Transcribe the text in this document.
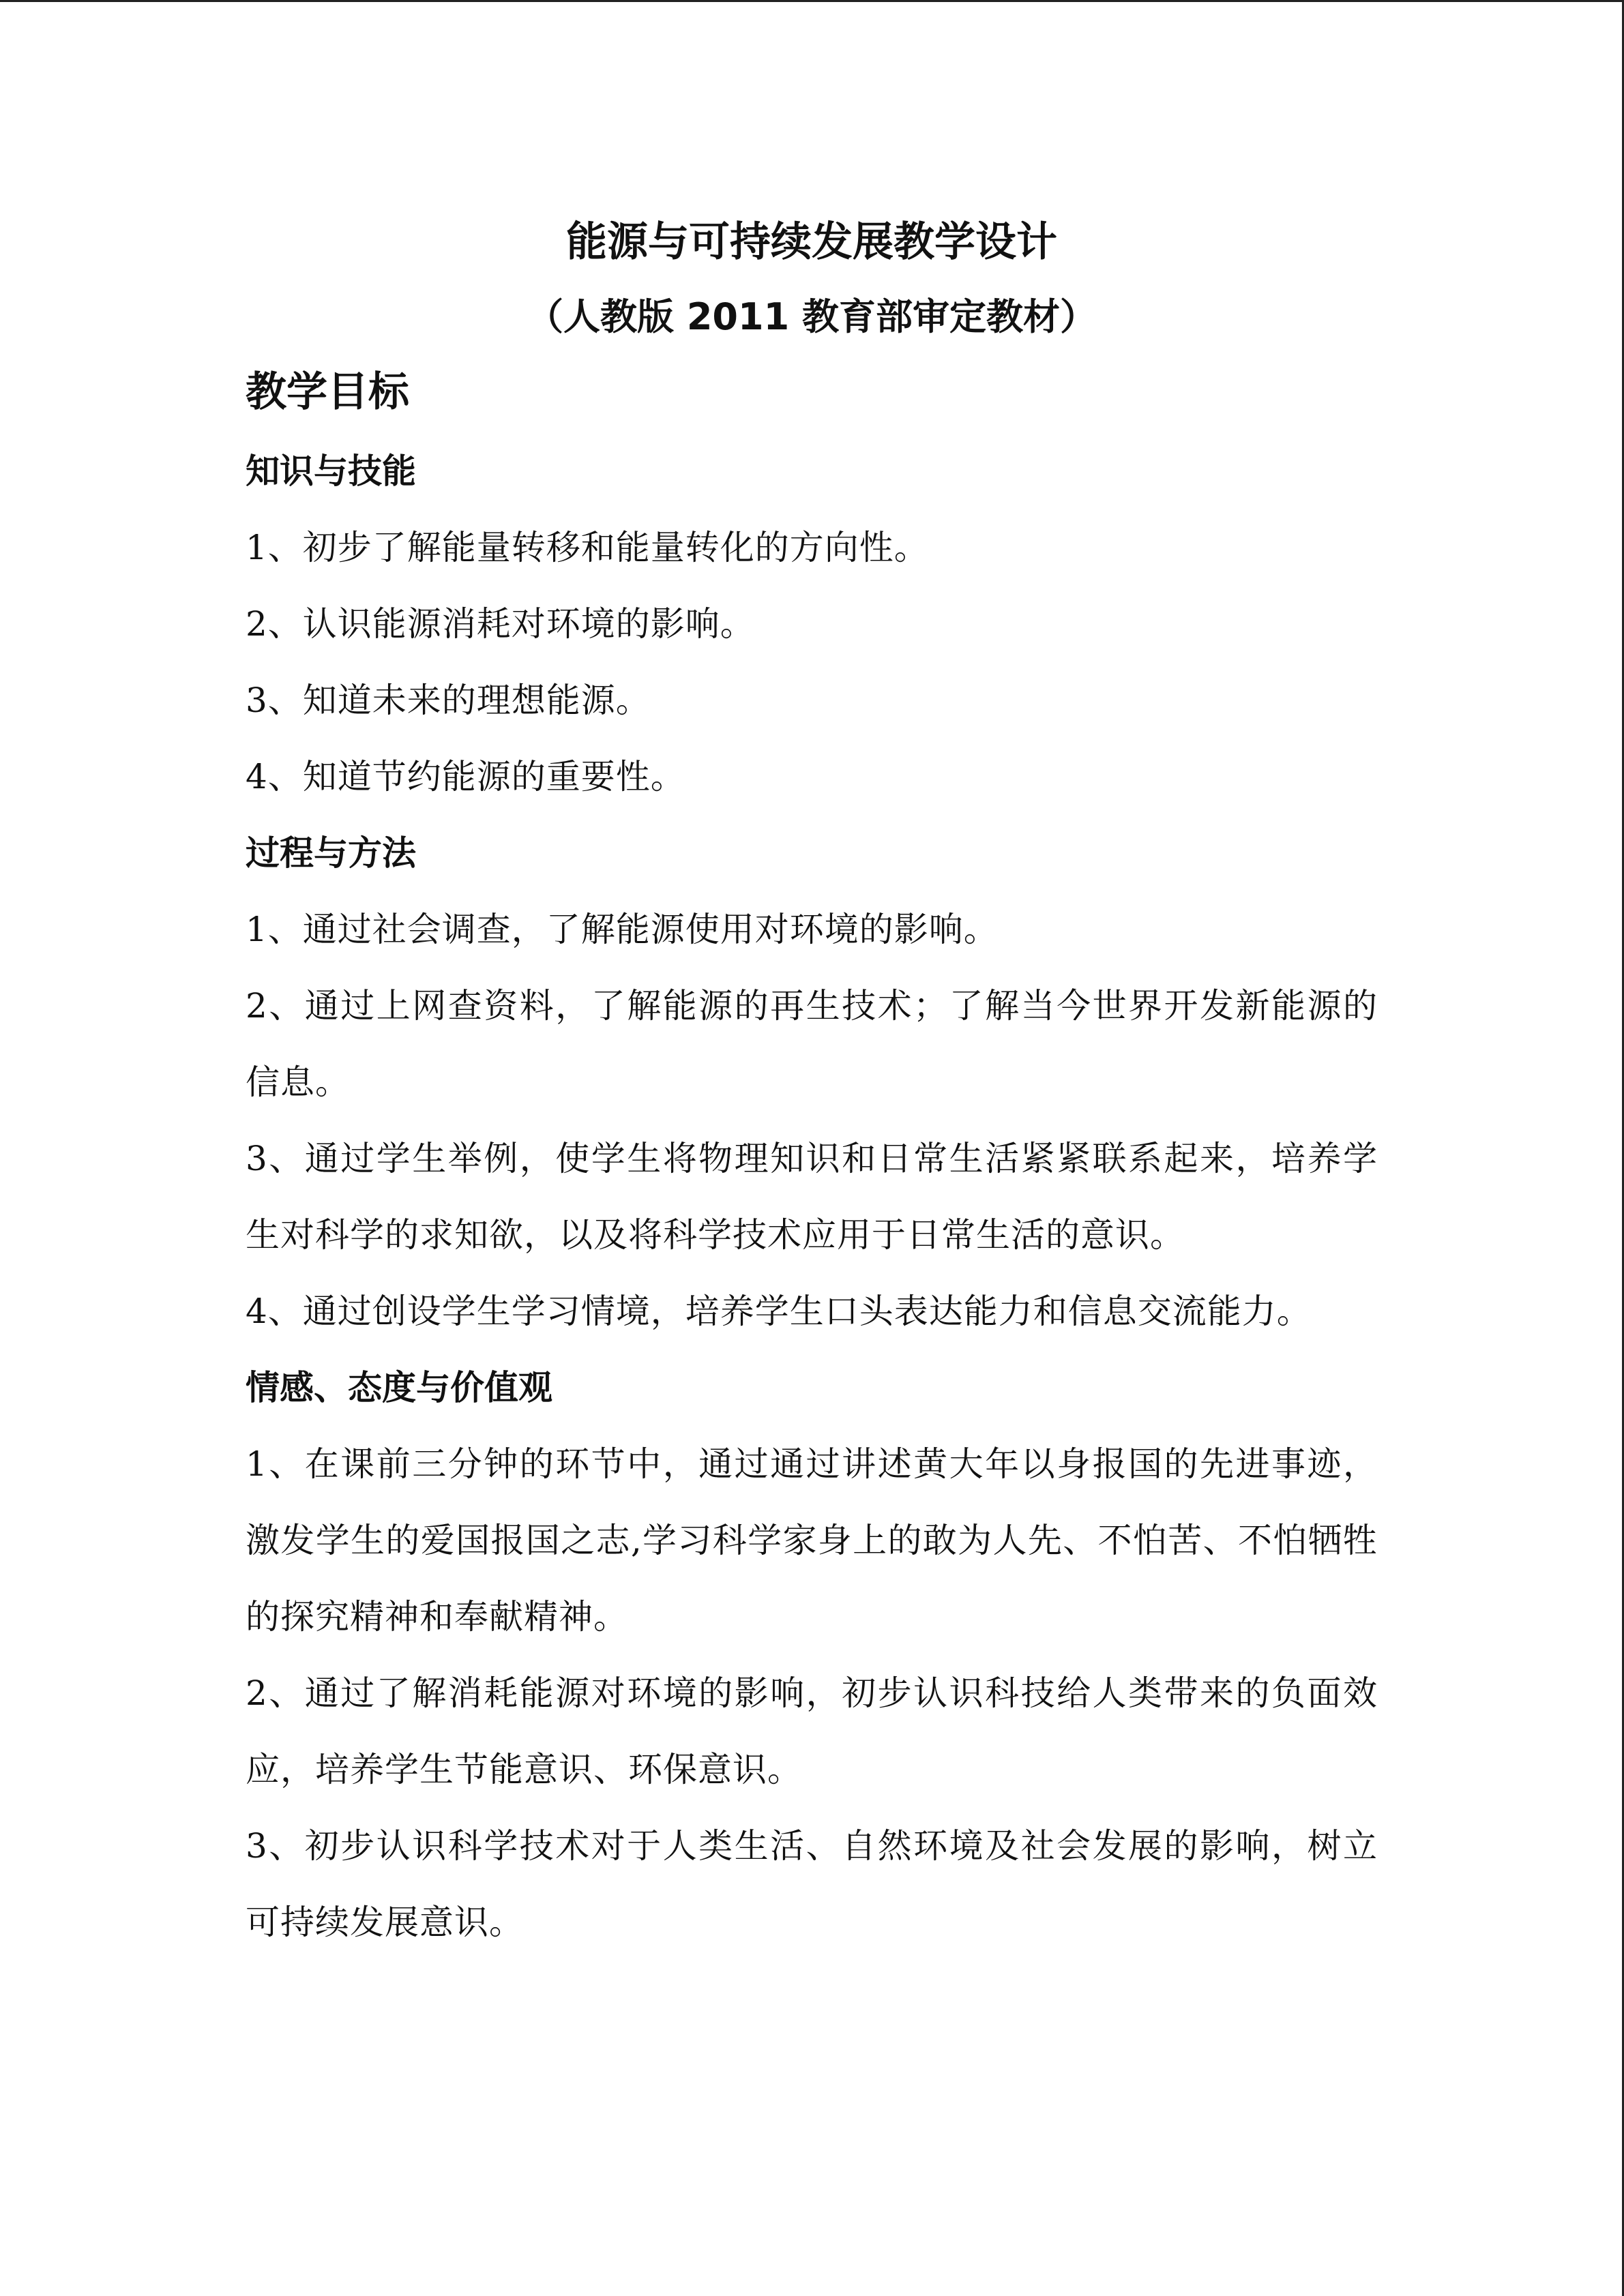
能源与可持续发展教学设计
（人教版 2011 教育部审定教材）
教学目标
知识与技能

1、初步了解能量转移和能量转化的方向性。

2、认识能源消耗对环境的影响。

3、知道未来的理想能源。

4、知道节约能源的重要性。

过程与方法

1、通过社会调查，了解能源使用对环境的影响。

2、通过上网查资料，了解能源的再生技术；了解当今世界开发新能源的信息。

3、通过学生举例，使学生将物理知识和日常生活紧紧联系起来，培养学生对科学的求知欲，以及将科学技术应用于日常生活的意识。

4、通过创设学生学习情境，培养学生口头表达能力和信息交流能力。

情感、态度与价值观

1、在课前三分钟的环节中，通过通过讲述黄大年以身报国的先进事迹，激发学生的爱国报国之志,学习科学家身上的敢为人先、不怕苦、不怕牺牲的探究精神和奉献精神。

2、通过了解消耗能源对环境的影响，初步认识科技给人类带来的负面效应，培养学生节能意识、环保意识。

3、初步认识科学技术对于人类生活、自然环境及社会发展的影响，树立可持续发展意识。
